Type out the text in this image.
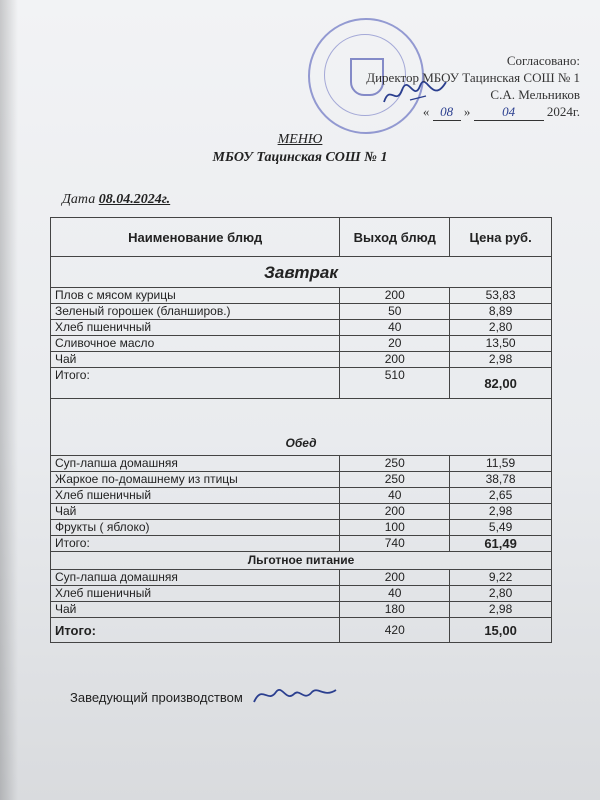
Согласовано:
Директор МБОУ Тацинская СОШ № 1
С.А. Мельников
« 08 » 04 2024г.
МЕНЮ
МБОУ Тацинская СОШ № 1
Дата 08.04.2024г.
Наименование блюд	Выход блюд	Цена руб.
Завтрак		
Плов с мясом курицы	200	53,83
Зеленый горошек (бланширов.)	50	8,89
Хлеб пшеничный	40	2,80
Сливочное масло	20	13,50
Чай	200	2,98
Итого:	510	82,00
Обед		
Суп-лапша домашняя	250	11,59
Жаркое по-домашнему из птицы	250	38,78
Хлеб пшеничный	40	2,65
Чай	200	2,98
Фрукты ( яблоко)	100	5,49
Итого:	740	61,49
Льготное питание		
Суп-лапша домашняя	200	9,22
Хлеб пшеничный	40	2,80
Чай	180	2,98
Итого:	420	15,00
Заведующий производством
